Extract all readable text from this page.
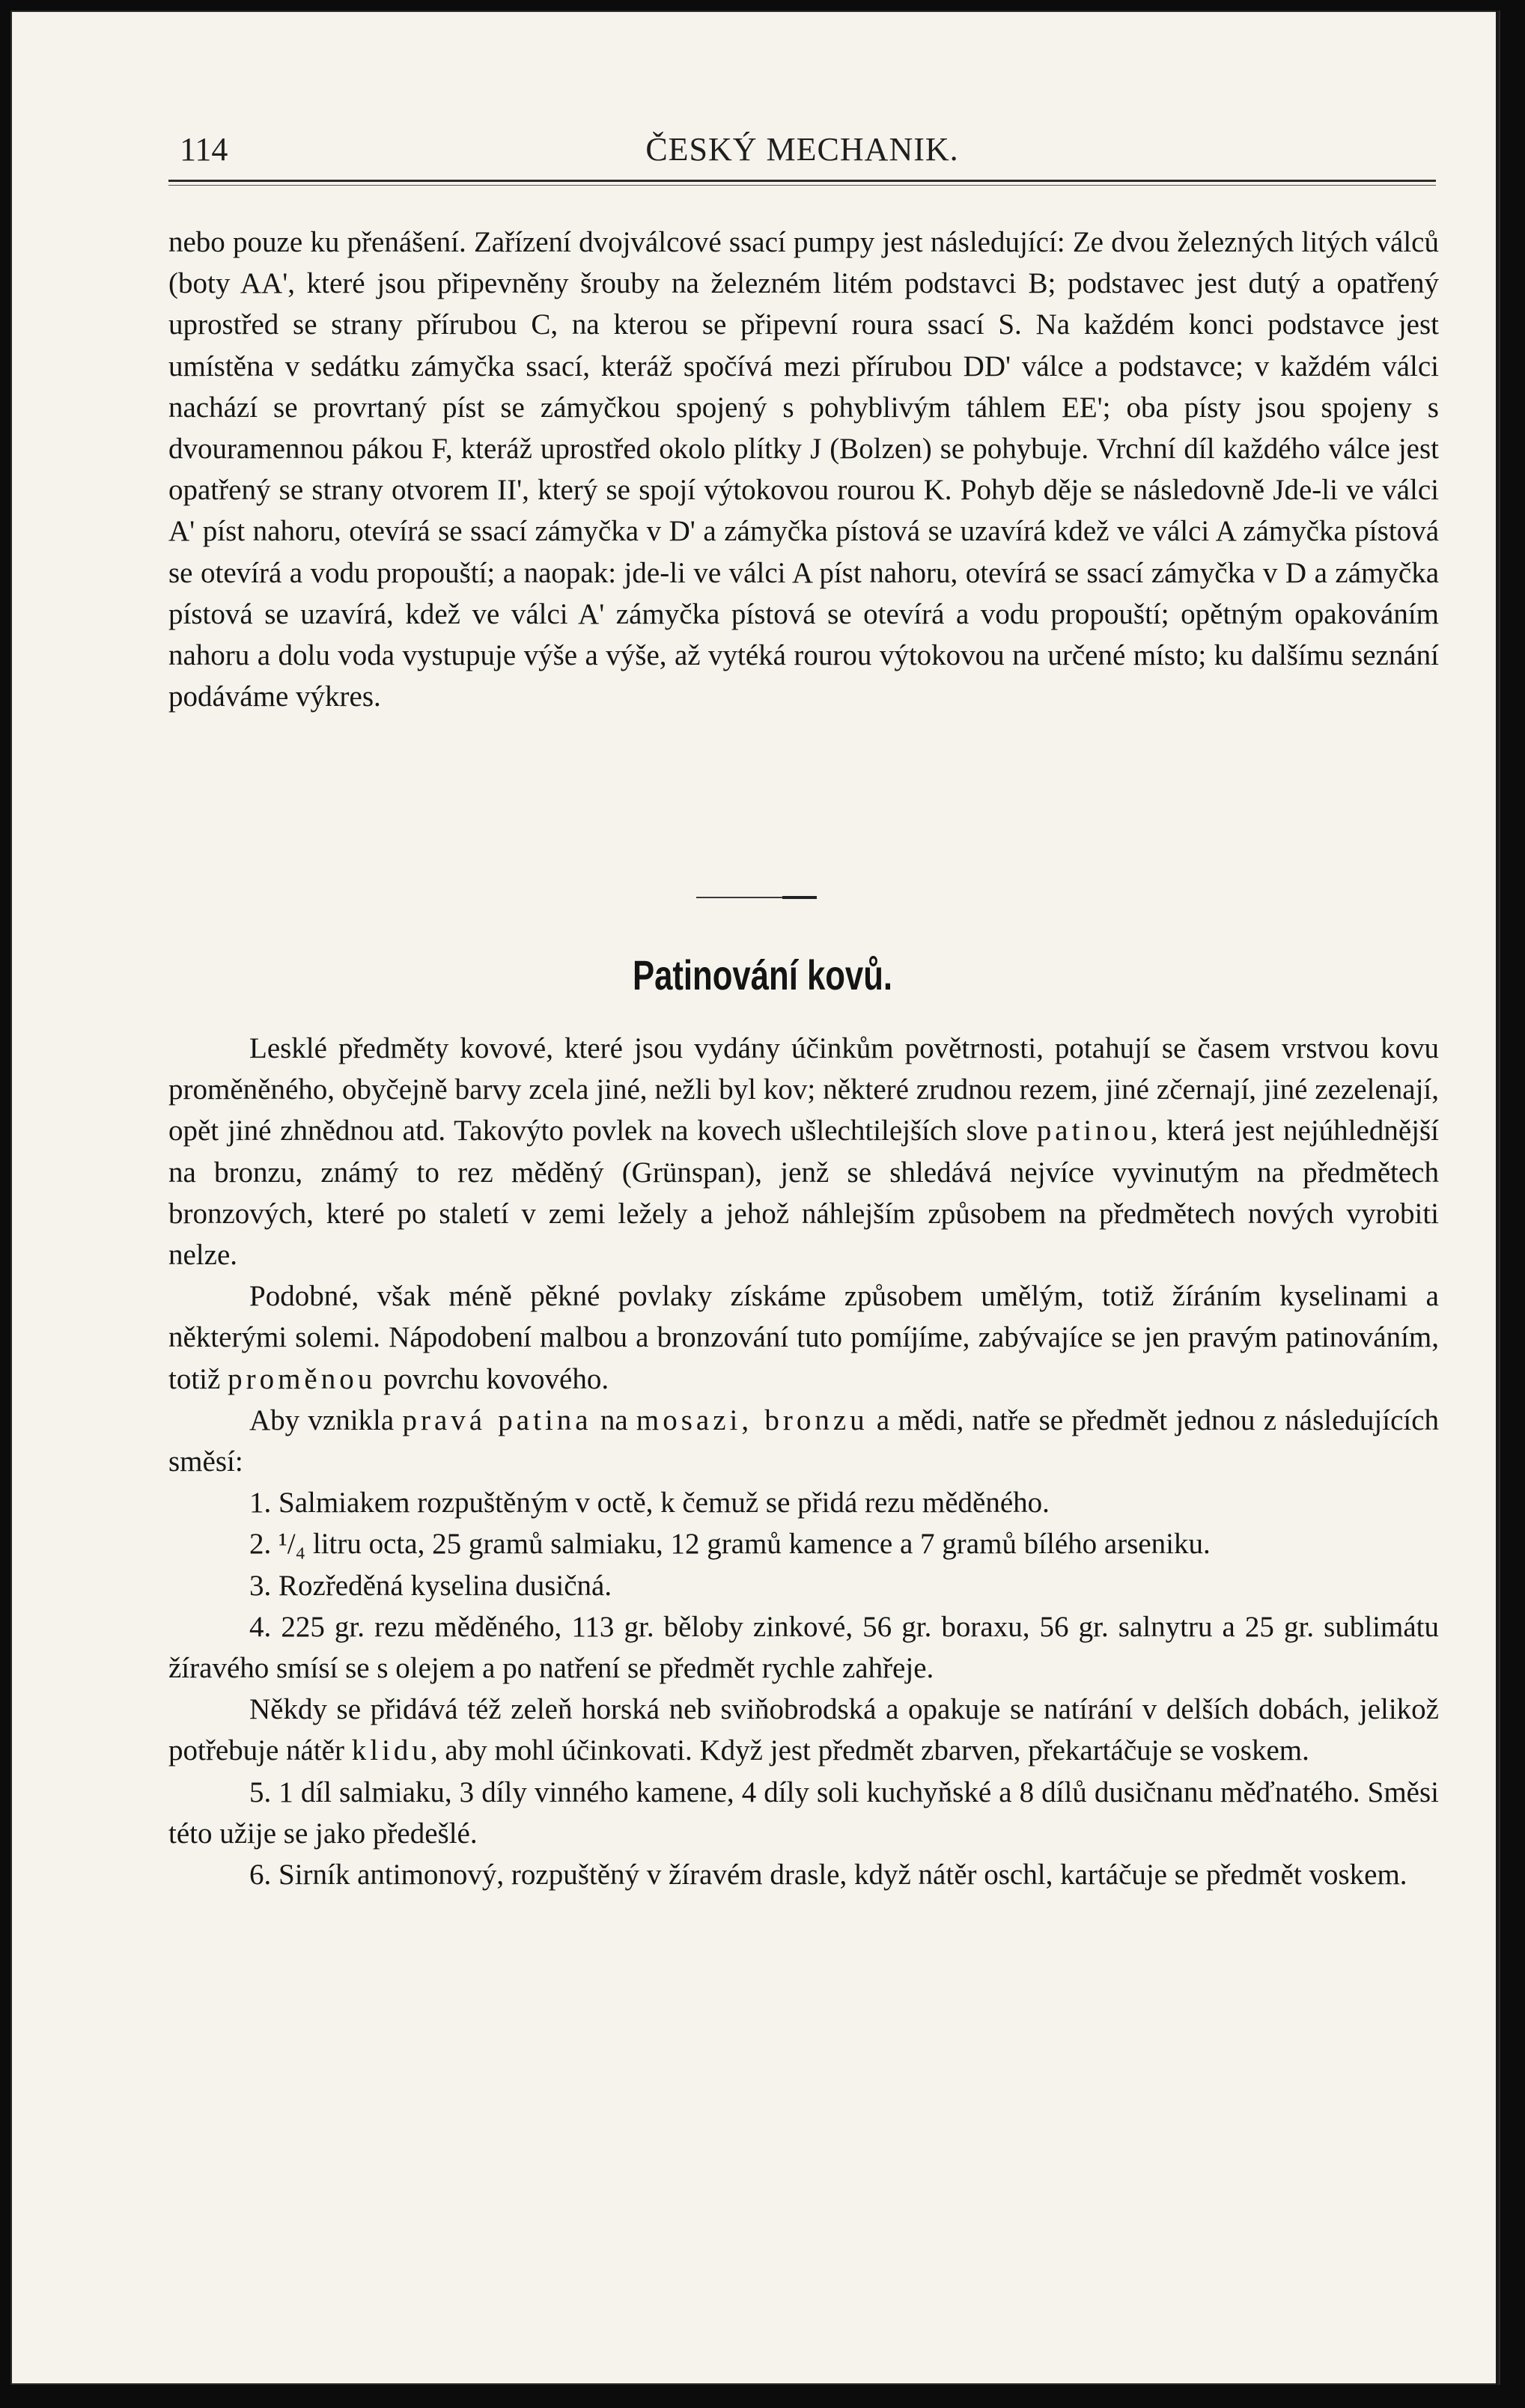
114	ČESKÝ MECHANIK.

nebo pouze ku přenášení. Zařízení dvojválcové ssací pumpy jest následující: Ze dvou železných litých válců (boty AA', které jsou připevněny šrouby na železném litém podstavci B; podstavec jest dutý a opatřený uprostřed se strany přírubou C, na kterou se připevní roura ssací S. Na každém konci podstavce jest umístěna v sedátku zámyčka ssací, kteráž spočívá mezi přírubou DD' válce a podstavce; v každém válci nachází se provrtaný píst se zámyčkou spojený s pohyblivým táhlem EE'; oba písty jsou spojeny s dvouramennou pákou F, kteráž uprostřed okolo plítky J (Bolzen) se pohybuje. Vrchní díl každého válce jest opatřený se strany otvorem II', který se spojí výtokovou rourou K. Pohyb děje se následovně Jde-li ve válci A' píst nahoru, otevírá se ssací zámyčka v D' a zámyčka pístová se uzavírá kdež ve válci A zámyčka pístová se otevírá a vodu propouští; a naopak: jde-li ve válci A píst nahoru, otevírá se ssací zámyčka v D a zámyčka pístová se uzavírá, kdež ve válci A' zámyčka pístová se otevírá a vodu propouští; opětným opakováním nahoru a dolu voda vystupuje výše a výše, až vytéká rourou výtokovou na určené místo; ku dalšímu seznání podáváme výkres.

Patinování kovů.

Lesklé předměty kovové, které jsou vydány účinkům povětrnosti, potahují se časem vrstvou kovu proměněného, obyčejně barvy zcela jiné, nežli byl kov; některé zrudnou rezem, jiné zčernají, jiné zezelenají, opět jiné zhnědnou atd. Takovýto povlek na kovech ušlechtilejších slove patinou, která jest nejúhlednější na bronzu, známý to rez měděný (Grünspan), jenž se shledává nejvíce vyvinutým na předmětech bronzových, které po staletí v zemi ležely a jehož náhlejším způsobem na předmětech nových vyrobiti nelze.

Podobné, však méně pěkné povlaky získáme způsobem umělým, totiž žíráním kyselinami a některými solemi. Nápodobení malbou a bronzování tuto pomíjíme, zabývajíce se jen pravým patinováním, totiž proměnou povrchu kovového.

Aby vznikla pravá patina na mosazi, bronzu a mědi, natře se předmět jednou z následujících směsí:

1. Salmiakem rozpuštěným v octě, k čemuž se přidá rezu měděného.

2. ¹/₄ litru octa, 25 gramů salmiaku, 12 gramů kamence a 7 gramů bílého arseniku.

3. Rozředěná kyselina dusičná.

4. 225 gr. rezu měděného, 113 gr. běloby zinkové, 56 gr. boraxu, 56 gr. salnytru a 25 gr. sublimátu žíravého smísí se s olejem a po natření se předmět rychle zahřeje.

Někdy se přidává též zeleň horská neb sviňobrodská a opakuje se natírání v delších dobách, jelikož potřebuje nátěr klidu, aby mohl účinkovati. Když jest předmět zbarven, překartáčuje se voskem.

5. 1 díl salmiaku, 3 díly vinného kamene, 4 díly soli kuchyňské a 8 dílů dusičnanu měďnatého. Směsi této užije se jako předešlé.

6. Sirník antimonový, rozpuštěný v žíravém drasle, když nátěr oschl, kartáčuje se předmět voskem.
